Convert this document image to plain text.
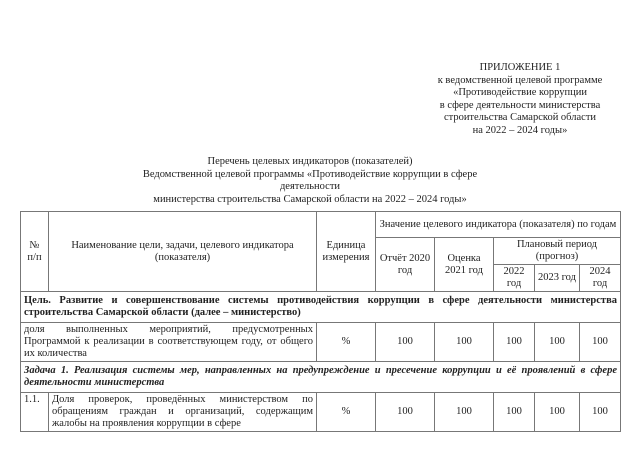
ПРИЛОЖЕНИЕ 1
к ведомственной целевой программе
«Противодействие коррупции
в сфере деятельности министерства
строительства Самарской области
на 2022 – 2024 годы»
Перечень целевых индикаторов (показателей)
Ведомственной целевой программы «Противодействие коррупции в сфере деятельности
министерства строительства Самарской области на 2022 – 2024 годы»
№ п/п	Наименование цели, задачи, целевого индикатора (показателя)	Единица измерения	Значение целевого индикатора (показателя) по годам				
			Отчёт 2020 год	Оценка 2021 год	Плановый период (прогноз)		
					2022 год	2023 год	2024 год
Цель. Развитие и совершенствование системы противодействия коррупции в сфере деятельности министерства строительства Самарской области (далее – министерство)							
доля выполненных мероприятий, предусмотренных Программой к реализации в соответствующем году, от общего их количества		%	100	100	100	100	100
Задача 1. Реализация системы мер, направленных на предупреждение и пресечение коррупции и её проявлений в сфере деятельности министерства							
1.1.	Доля проверок, проведённых министерством по обращениям граждан и организаций, содержащим жалобы на проявления коррупции в сфере	%	100	100	100	100	100
